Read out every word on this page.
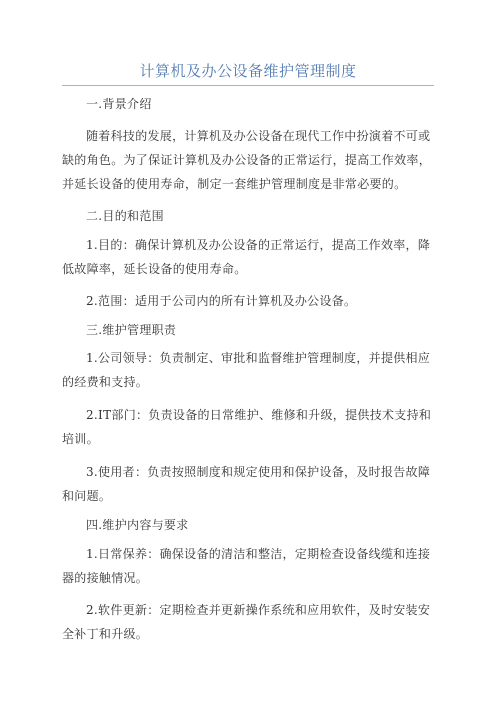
计算机及办公设备维护管理制度

一.背景介绍

随着科技的发展，计算机及办公设备在现代工作中扮演着不可或缺的角色。为了保证计算机及办公设备的正常运行，提高工作效率，并延长设备的使用寿命，制定一套维护管理制度是非常必要的。

二.目的和范围

1.目的：确保计算机及办公设备的正常运行，提高工作效率，降低故障率，延长设备的使用寿命。

2.范围：适用于公司内的所有计算机及办公设备。

三.维护管理职责

1.公司领导：负责制定、审批和监督维护管理制度，并提供相应的经费和支持。

2.IT部门：负责设备的日常维护、维修和升级，提供技术支持和培训。

3.使用者：负责按照制度和规定使用和保护设备，及时报告故障和问题。

四.维护内容与要求

1.日常保养：确保设备的清洁和整洁，定期检查设备线缆和连接器的接触情况。

2.软件更新：定期检查并更新操作系统和应用软件，及时安装安全补丁和升级。
